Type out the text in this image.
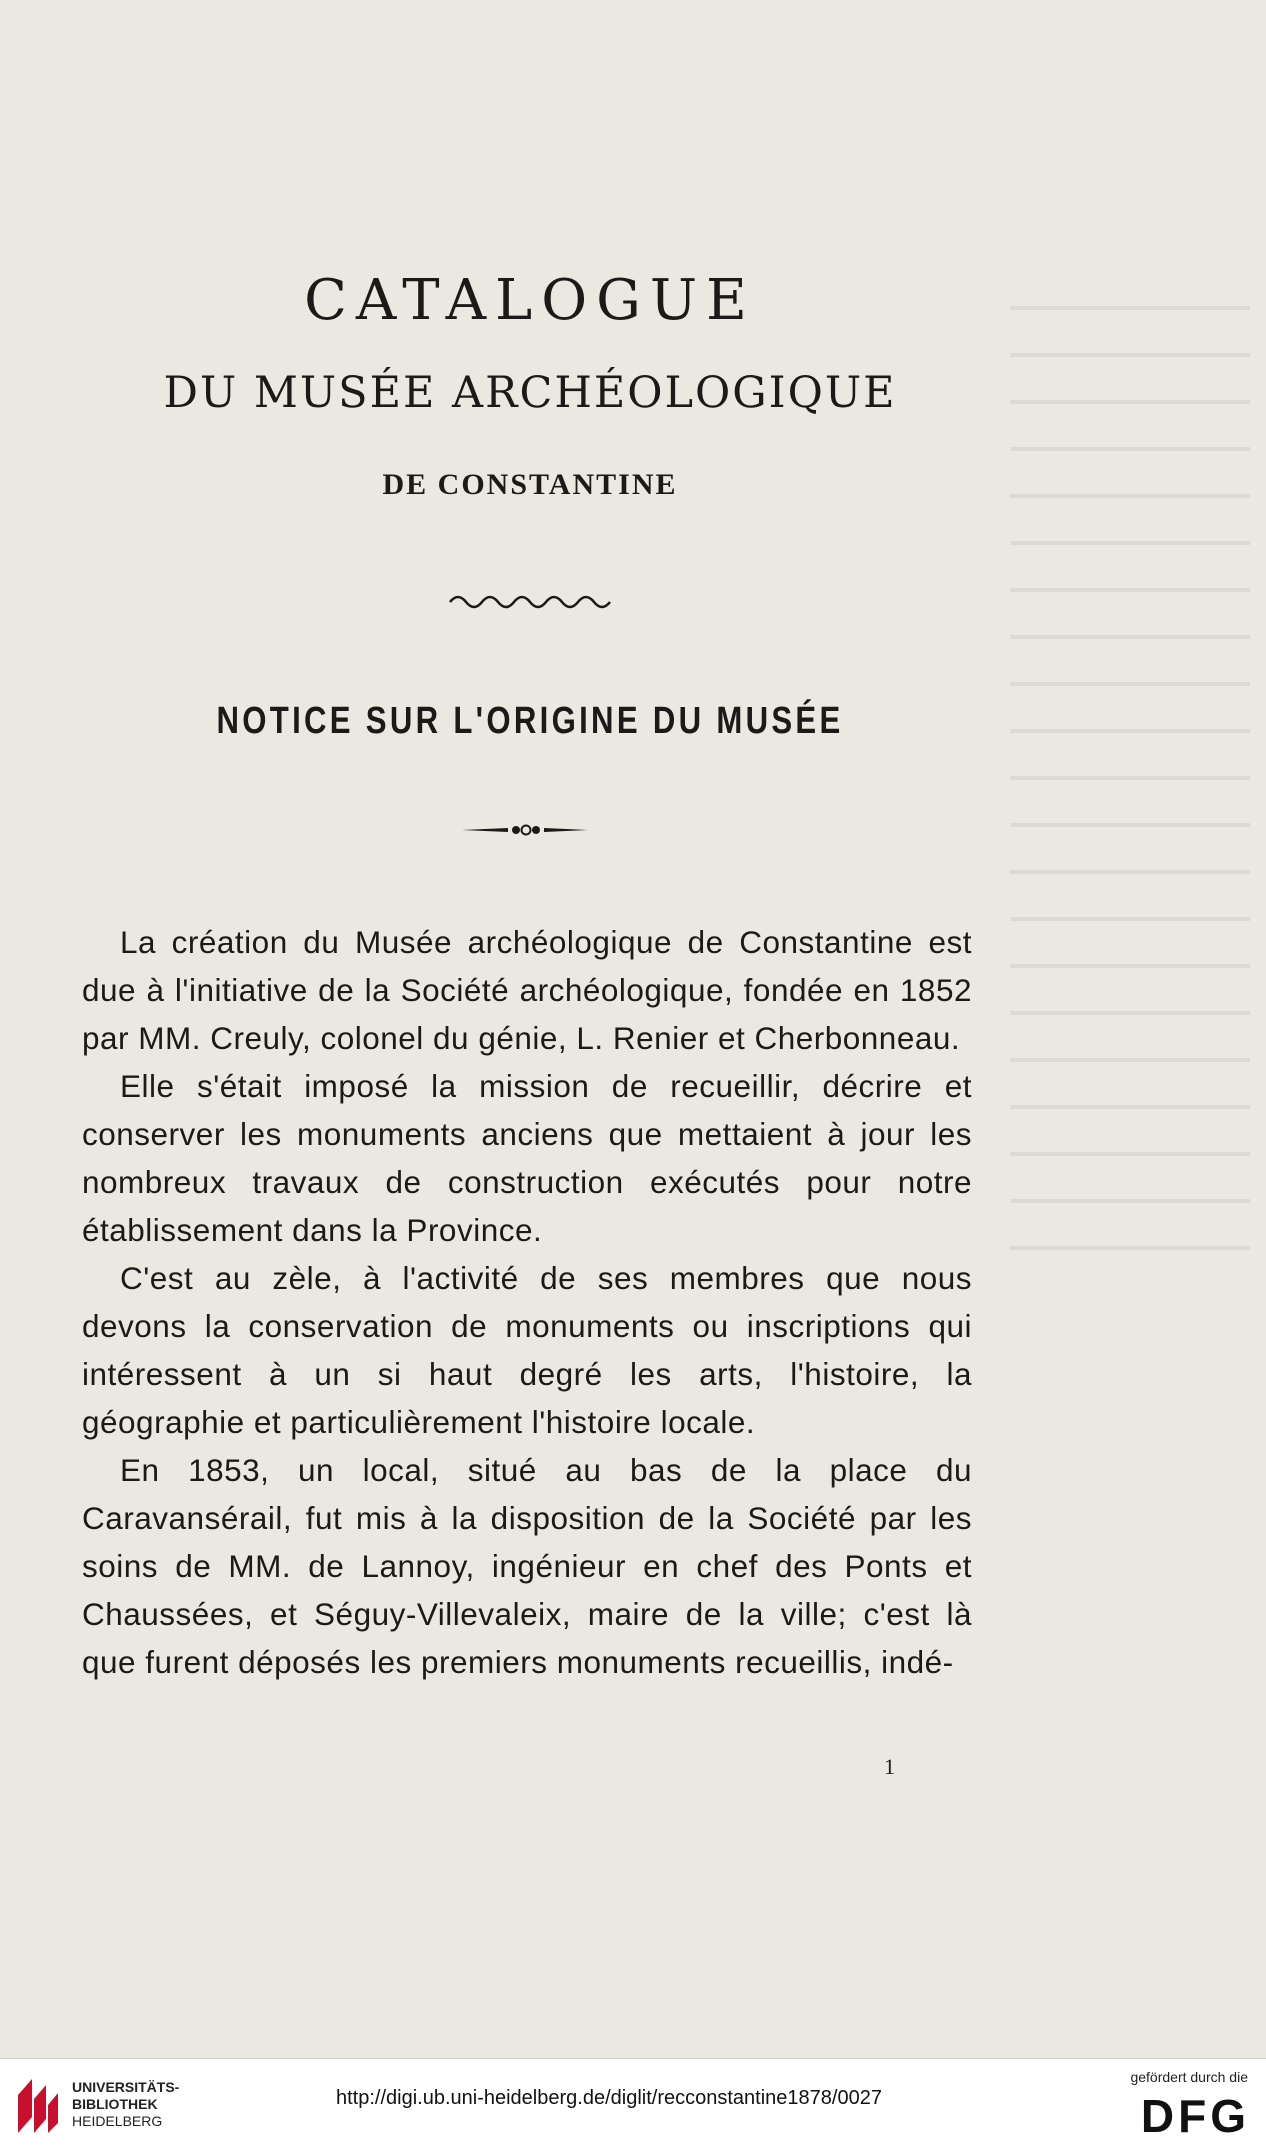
CATALOGUE
DU MUSÉE ARCHÉOLOGIQUE
DE CONSTANTINE
NOTICE SUR L'ORIGINE DU MUSÉE

La création du Musée archéologique de Constantine est due à l'initiative de la Société archéologique, fondée en 1852 par MM. Creuly, colonel du génie, L. Renier et Cherbonneau.

Elle s'était imposé la mission de recueillir, décrire et conserver les monuments anciens que mettaient à jour les nombreux travaux de construction exécutés pour notre établissement dans la Province.

C'est au zèle, à l'activité de ses membres que nous devons la conservation de monuments ou inscriptions qui intéressent à un si haut degré les arts, l'histoire, la géographie et particulièrement l'histoire locale.

En 1853, un local, situé au bas de la place du Caravansérail, fut mis à la disposition de la Société par les soins de MM. de Lannoy, ingénieur en chef des Ponts et Chaussées, et Séguy-Villevaleix, maire de la ville; c'est là que furent déposés les premiers monuments recueillis, indé-

1
UNIVERSITÄTS-
BIBLIOTHEK
HEIDELBERG
http://digi.ub.uni-heidelberg.de/diglit/recconstantine1878/0027
gefördert durch die
DFG
